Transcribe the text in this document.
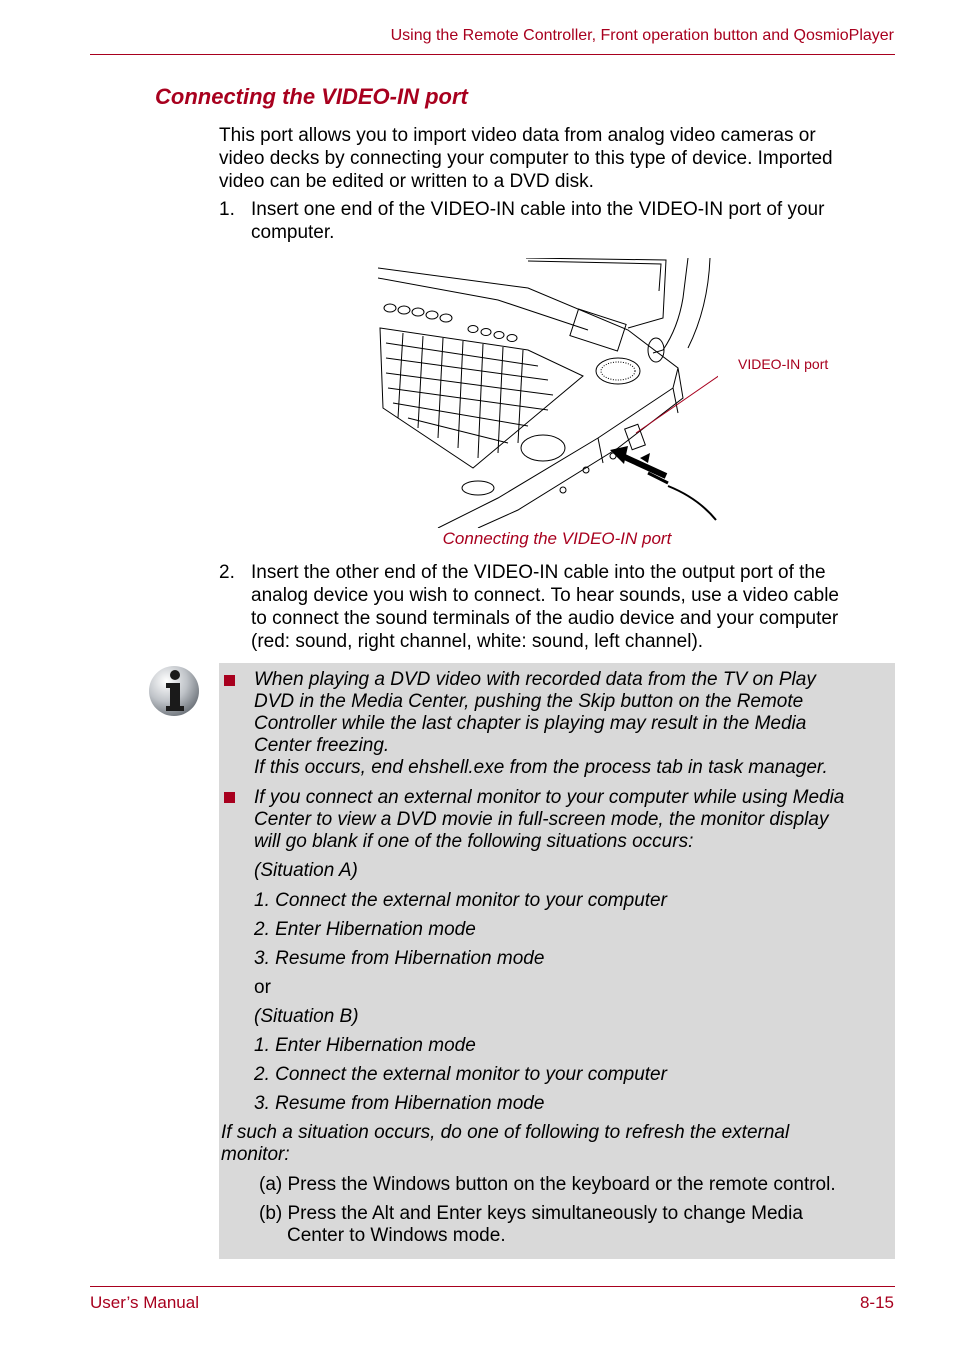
Using the Remote Controller, Front operation button and QosmioPlayer
Connecting the VIDEO-IN port
This port allows you to import video data from analog video cameras or
video decks by connecting your computer to this type of device. Imported
video can be edited or written to a DVD disk.
1. Insert one end of the VIDEO-IN cable into the VIDEO-IN port of your
computer.
VIDEO-IN port
Connecting the VIDEO-IN port
2. Insert the other end of the VIDEO-IN cable into the output port of the
analog device you wish to connect. To hear sounds, use a video cable
to connect the sound terminals of the audio device and your computer
(red: sound, right channel, white: sound, left channel).
When playing a DVD video with recorded data from the TV on Play
DVD in the Media Center, pushing the Skip button on the Remote
Controller while the last chapter is playing may result in the Media
Center freezing.
If this occurs, end ehshell.exe from the process tab in task manager.
If you connect an external monitor to your computer while using Media
Center to view a DVD movie in full-screen mode, the monitor display
will go blank if one of the following situations occurs:
(Situation A)
1. Connect the external monitor to your computer
2. Enter Hibernation mode
3. Resume from Hibernation mode
or
(Situation B)
1. Enter Hibernation mode
2. Connect the external monitor to your computer
3. Resume from Hibernation mode
If such a situation occurs, do one of following to refresh the external
monitor:
(a) Press the Windows button on the keyboard or the remote control.
(b) Press the Alt and Enter keys simultaneously to change Media
Center to Windows mode.
User’s Manual	8-15
